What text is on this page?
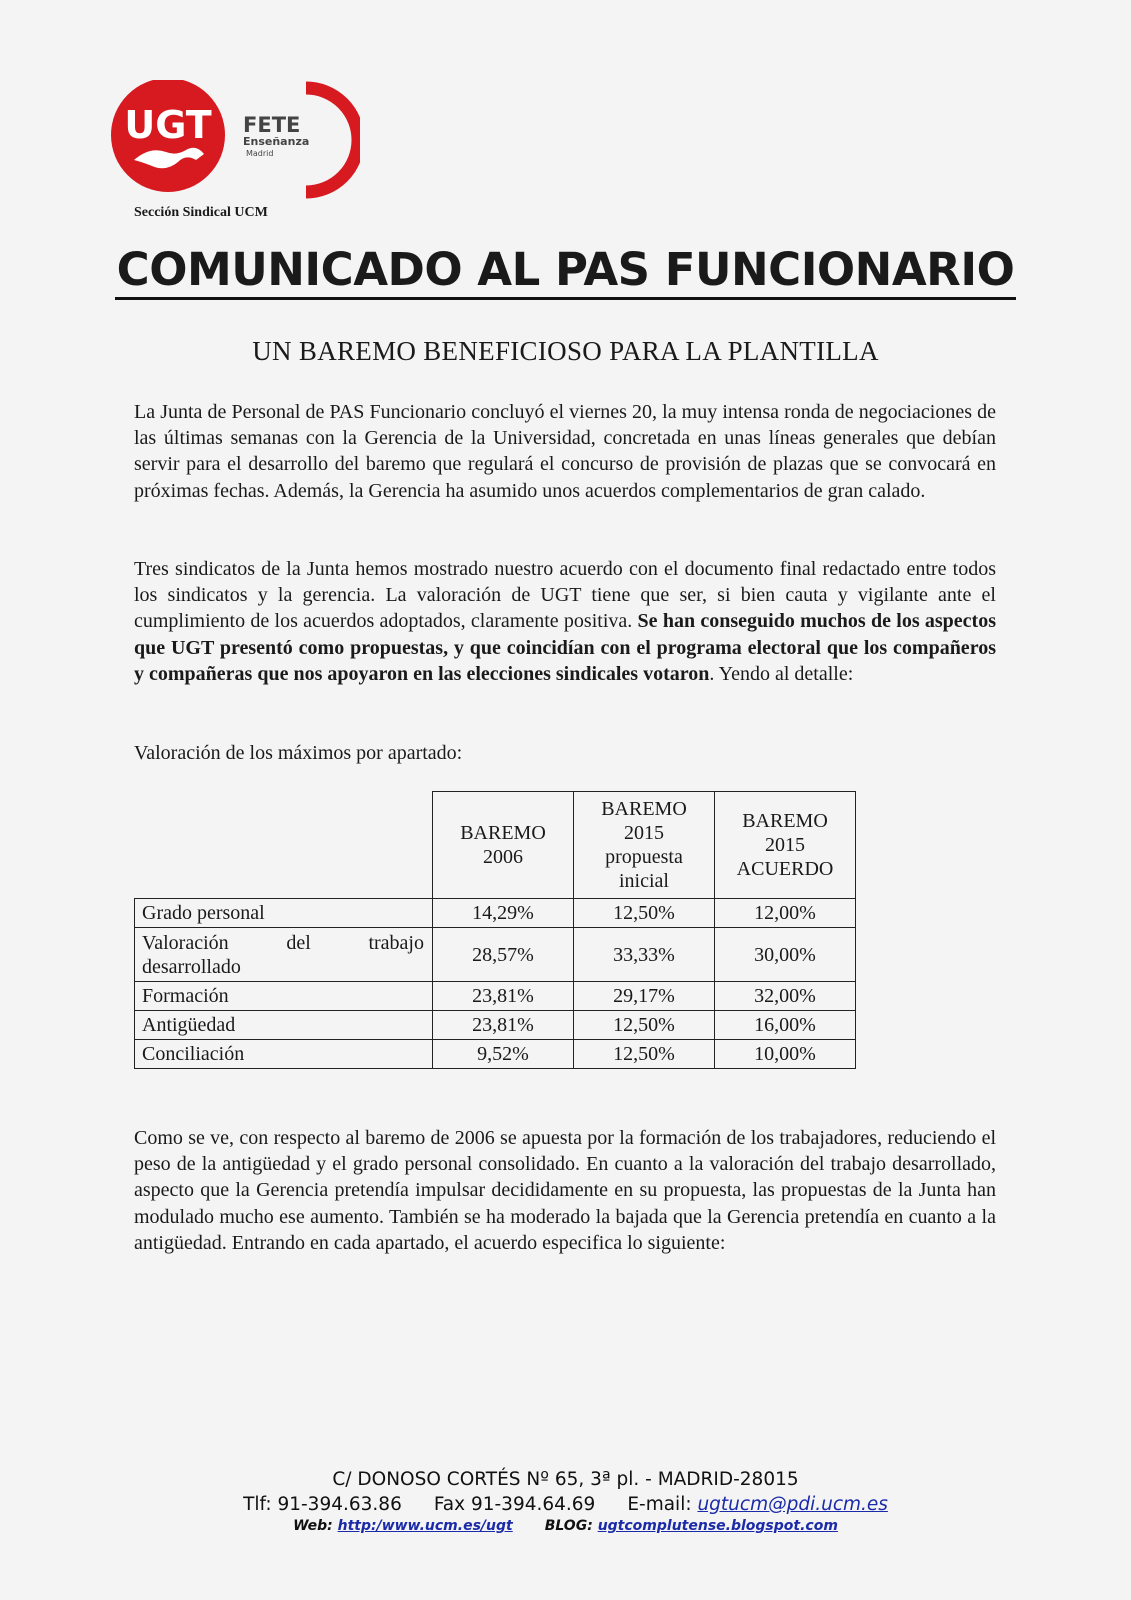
UGT FETE
Enseñanza
Madrid
Sección Sindical UCM
COMUNICADO AL PAS FUNCIONARIO
UN BAREMO BENEFICIOSO PARA LA PLANTILLA

La Junta de Personal de PAS Funcionario concluyó el viernes 20, la muy intensa ronda de negociaciones de las últimas semanas con la Gerencia de la Universidad, concretada en unas líneas generales que debían servir para el desarrollo del baremo que regulará el concurso de provisión de plazas que se convocará en próximas fechas. Además, la Gerencia ha asumido unos acuerdos complementarios de gran calado.

Tres sindicatos de la Junta hemos mostrado nuestro acuerdo con el documento final redactado entre todos los sindicatos y la gerencia. La valoración de UGT tiene que ser, si bien cauta y vigilante ante el cumplimiento de los acuerdos adoptados, claramente positiva. Se han conseguido muchos de los aspectos que UGT presentó como propuestas, y que coincidían con el programa electoral que los compañeros y compañeras que nos apoyaron en las elecciones sindicales votaron. Yendo al detalle:

Valoración de los máximos por apartado:
	BAREMO
2006	BAREMO
2015
propuesta
inicial	BAREMO
2015
ACUERDO
Grado personal	14,29%	12,50%	12,00%

Valoración del trabajo
desarrollado	28,57%	33,33%	30,00%
Formación	23,81%	29,17%	32,00%
Antigüedad	23,81%	12,50%	16,00%
Conciliación	9,52%	12,50%	10,00%

Como se ve, con respecto al baremo de 2006 se apuesta por la formación de los trabajadores, reduciendo el peso de la antigüedad y el grado personal consolidado. En cuanto a la valoración del trabajo desarrollado, aspecto que la Gerencia pretendía impulsar decididamente en su propuesta, las propuestas de la Junta han modulado mucho ese aumento. También se ha moderado la bajada que la Gerencia pretendía en cuanto a la antigüedad. Entrando en cada apartado, el acuerdo especifica lo siguiente:

C/ DONOSO CORTÉS Nº 65, 3ª pl. - MADRID-28015
Tlf: 91-394.63.86 Fax 91-394.64.69 E-mail: ugtucm@pdi.ucm.es
Web: http:/www.ucm.es/ugt BLOG: ugtcomplutense.blogspot.com
